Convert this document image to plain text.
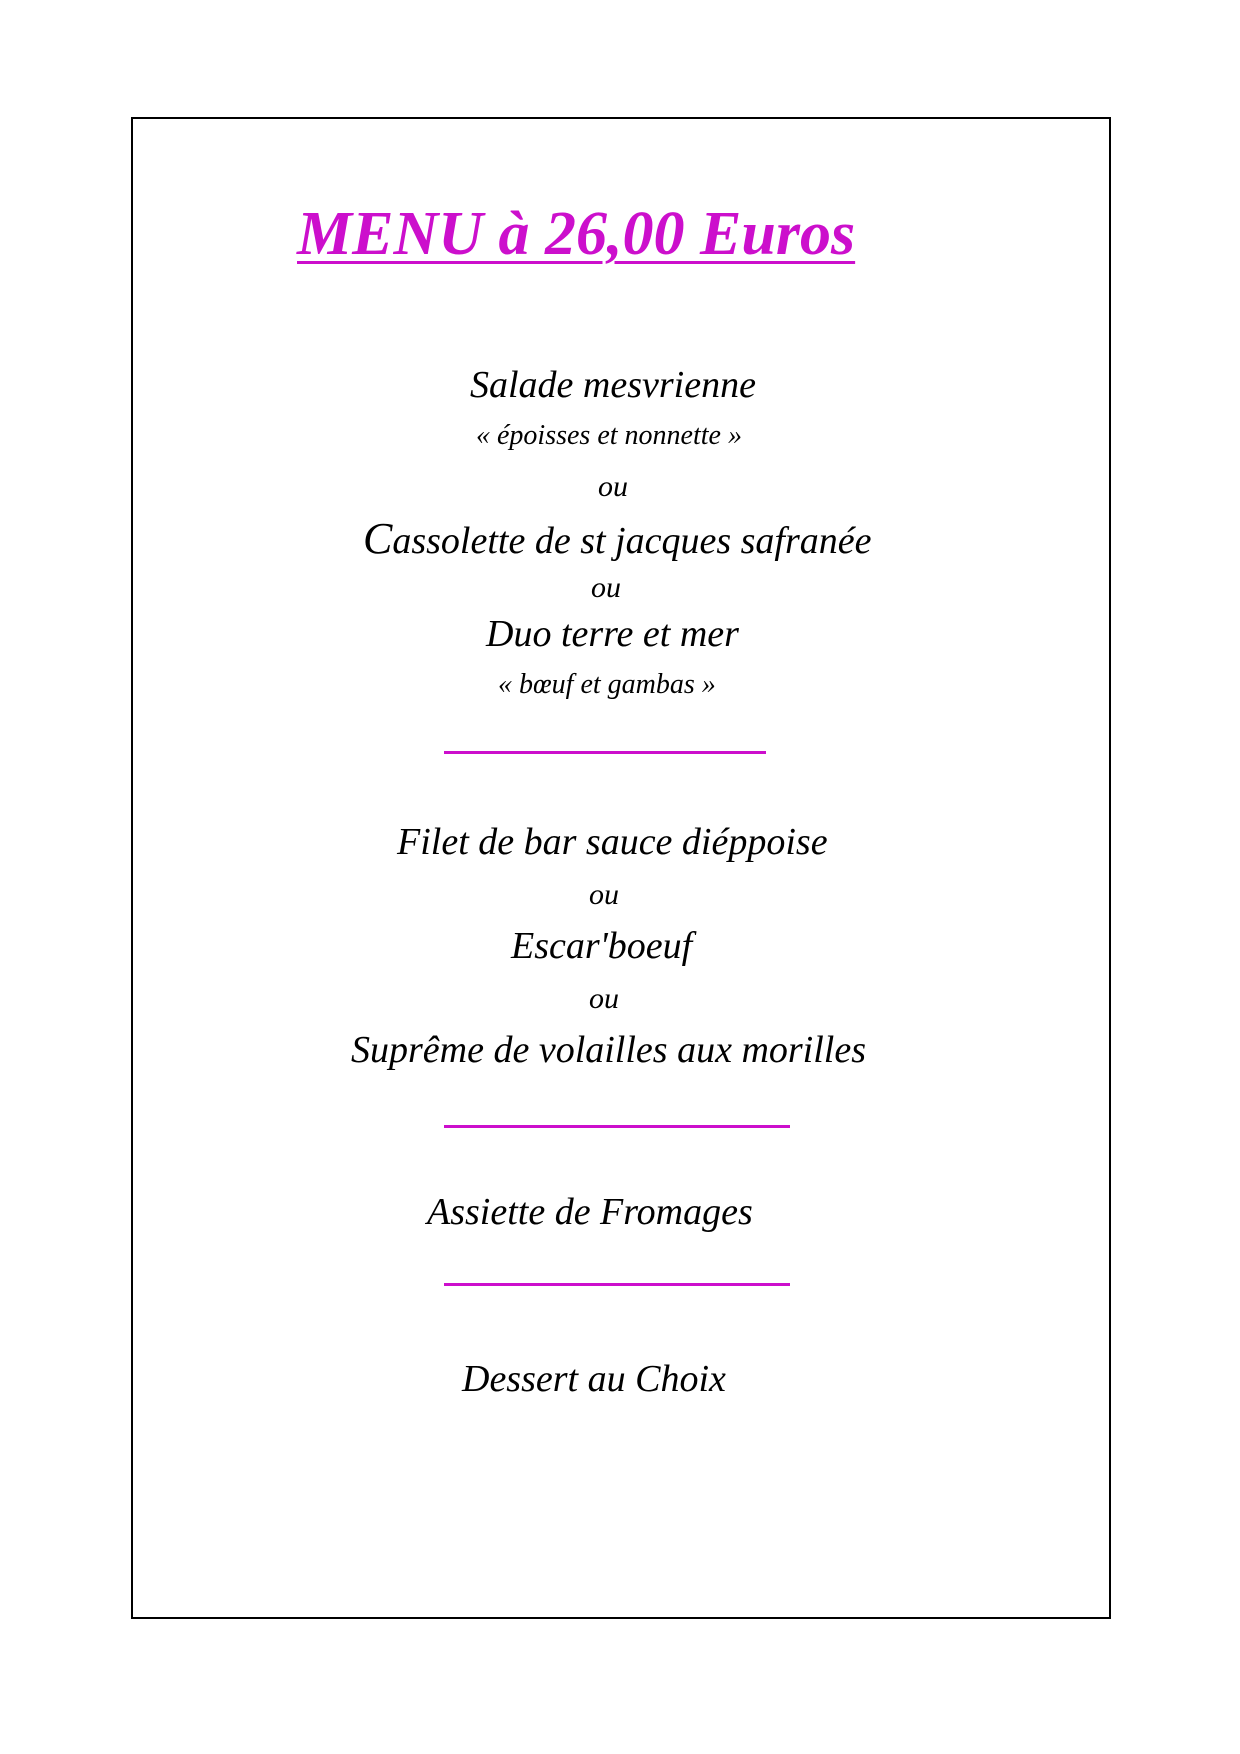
MENU à 26,00 Euros

Salade mesvrienne

« époisses et nonnette »

ou

Cassolette de st jacques safranée

ou

Duo terre et mer

« bœuf et gambas »

Filet de bar sauce diéppoise

ou

Escar'boeuf

ou

Suprême de volailles aux morilles

Assiette de Fromages

Dessert au Choix
